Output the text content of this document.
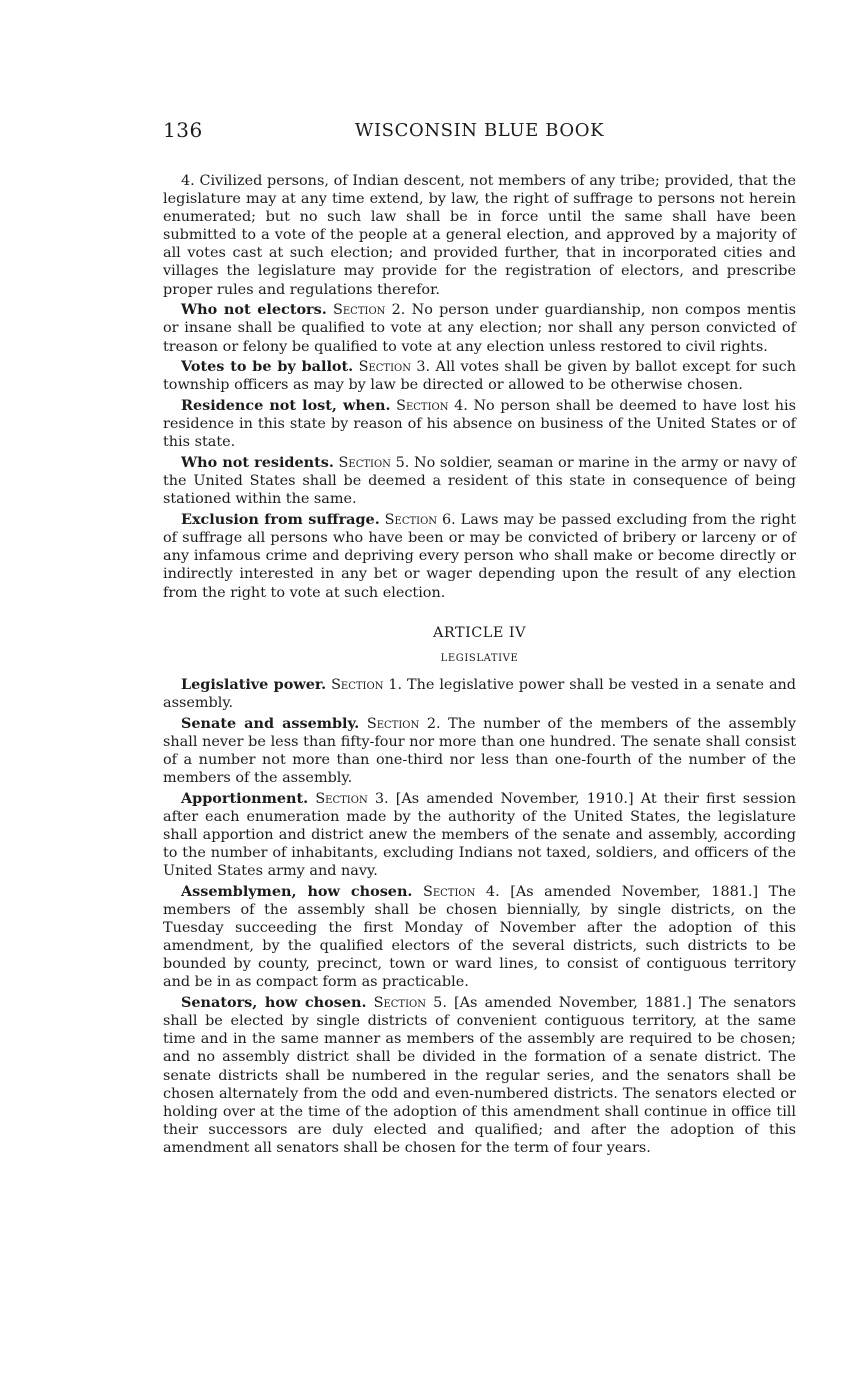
136	WISCONSIN BLUE BOOK

4. Civilized persons, of Indian descent, not members of any tribe; provided, that the legislature may at any time extend, by law, the right of suffrage to persons not herein enumerated; but no such law shall be in force until the same shall have been submitted to a vote of the people at a general election, and approved by a majority of all votes cast at such election; and provided further, that in incorporated cities and villages the legislature may provide for the registration of electors, and prescribe proper rules and regulations therefor.

Who not electors. Section 2. No person under guardianship, non compos mentis or insane shall be qualified to vote at any election; nor shall any person convicted of treason or felony be qualified to vote at any election unless restored to civil rights.

Votes to be by ballot. Section 3. All votes shall be given by ballot except for such township officers as may by law be directed or allowed to be otherwise chosen.

Residence not lost, when. Section 4. No person shall be deemed to have lost his residence in this state by reason of his absence on business of the United States or of this state.

Who not residents. Section 5. No soldier, seaman or marine in the army or navy of the United States shall be deemed a resident of this state in consequence of being stationed within the same.

Exclusion from suffrage. Section 6. Laws may be passed excluding from the right of suffrage all persons who have been or may be convicted of bribery or larceny or of any infamous crime and depriving every person who shall make or become directly or indirectly interested in any bet or wager depending upon the result of any election from the right to vote at such election.

ARTICLE IV
LEGISLATIVE

Legislative power. Section 1. The legislative power shall be vested in a senate and assembly.

Senate and assembly. Section 2. The number of the members of the assembly shall never be less than fifty-four nor more than one hundred. The senate shall consist of a number not more than one-third nor less than one-fourth of the number of the members of the assembly.

Apportionment. Section 3. [As amended November, 1910.] At their first session after each enumeration made by the authority of the United States, the legislature shall apportion and district anew the members of the senate and assembly, according to the number of inhabitants, excluding Indians not taxed, soldiers, and officers of the United States army and navy.

Assemblymen, how chosen. Section 4. [As amended November, 1881.] The members of the assembly shall be chosen biennially, by single districts, on the Tuesday succeeding the first Monday of November after the adoption of this amendment, by the qualified electors of the several districts, such districts to be bounded by county, precinct, town or ward lines, to consist of contiguous territory and be in as compact form as practicable.

Senators, how chosen. Section 5. [As amended November, 1881.] The senators shall be elected by single districts of convenient contiguous territory, at the same time and in the same manner as members of the assembly are required to be chosen; and no assembly district shall be divided in the formation of a senate district. The senate districts shall be numbered in the regular series, and the senators shall be chosen alternately from the odd and even-numbered districts. The senators elected or holding over at the time of the adoption of this amendment shall continue in office till their successors are duly elected and qualified; and after the adoption of this amendment all senators shall be chosen for the term of four years.
